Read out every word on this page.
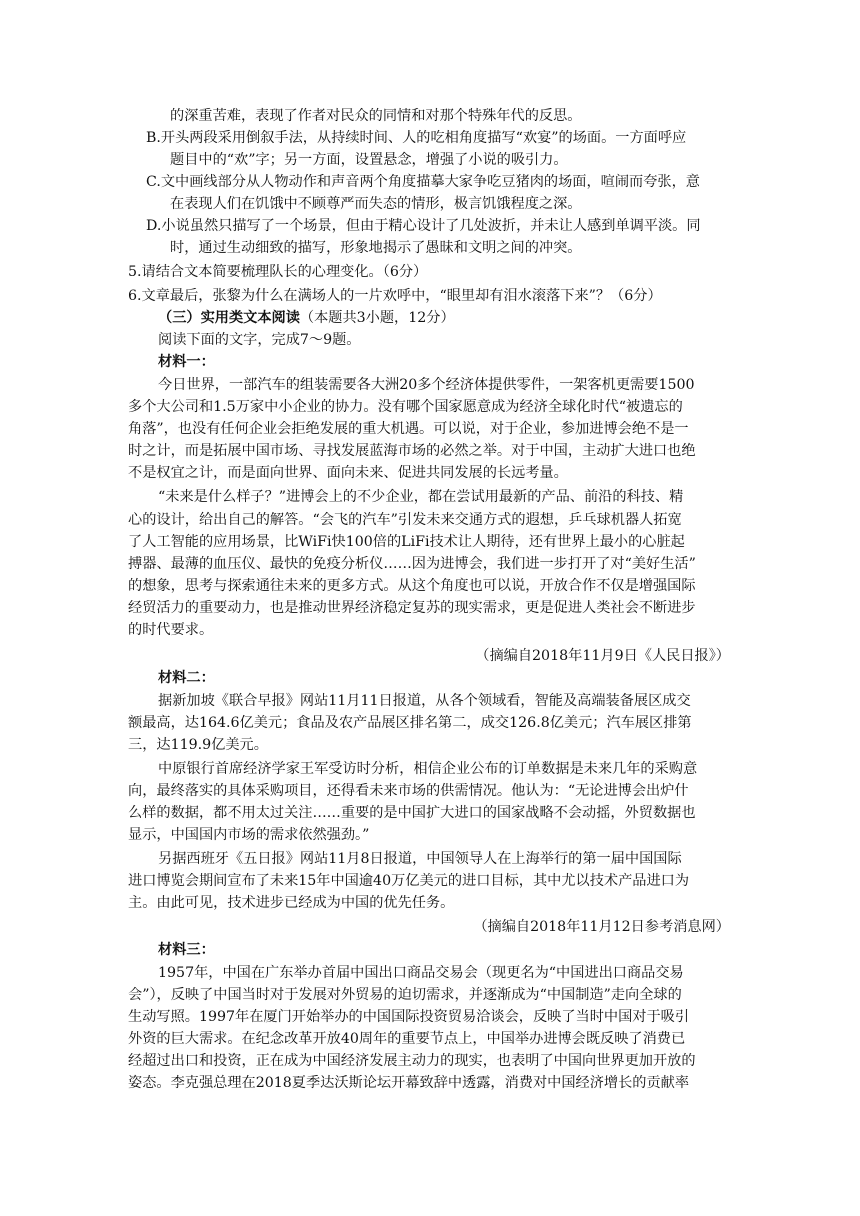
的深重苦难，表现了作者对民众的同情和对那个特殊年代的反思。
B.开头两段采用倒叙手法，从持续时间、人的吃相角度描写“欢宴”的场面。一方面呼应
题目中的“欢”字；另一方面，设置悬念，增强了小说的吸引力。
C.文中画线部分从人物动作和声音两个角度描摹大家争吃豆猪肉的场面，喧闹而夸张，意
在表现人们在饥饿中不顾尊严而失态的情形，极言饥饿程度之深。
D.小说虽然只描写了一个场景，但由于精心设计了几处波折，并未让人感到单调平淡。同
时，通过生动细致的描写，形象地揭示了愚昧和文明之间的冲突。
5.请结合文本简要梳理队长的心理变化。（6分）
6.文章最后，张黎为什么在满场人的一片欢呼中，“眼里却有泪水滚落下来”？（6分）
（三）实用类文本阅读（本题共3小题，12分）
阅读下面的文字，完成7～9题。
材料一：
今日世界，一部汽车的组装需要各大洲20多个经济体提供零件，一架客机更需要1500
多个大公司和1.5万家中小企业的协力。没有哪个国家愿意成为经济全球化时代“被遗忘的
角落”，也没有任何企业会拒绝发展的重大机遇。可以说，对于企业，参加进博会绝不是一
时之计，而是拓展中国市场、寻找发展蓝海市场的必然之举。对于中国，主动扩大进口也绝
不是权宜之计，而是面向世界、面向未来、促进共同发展的长远考量。
“未来是什么样子？”进博会上的不少企业，都在尝试用最新的产品、前沿的科技、精
心的设计，给出自己的解答。“会飞的汽车”引发未来交通方式的遐想，乒乓球机器人拓宽
了人工智能的应用场景，比WiFi快100倍的LiFi技术让人期待，还有世界上最小的心脏起
搏器、最薄的血压仪、最快的免疫分析仪……因为进博会，我们进一步打开了对“美好生活”
的想象，思考与探索通往未来的更多方式。从这个角度也可以说，开放合作不仅是增强国际
经贸活力的重要动力，也是推动世界经济稳定复苏的现实需求，更是促进人类社会不断进步
的时代要求。
（摘编自2018年11月9日《人民日报》）
材料二：
据新加坡《联合早报》网站11月11日报道，从各个领域看，智能及高端装备展区成交
额最高，达164.6亿美元；食品及农产品展区排名第二，成交126.8亿美元；汽车展区排第
三，达119.9亿美元。
中原银行首席经济学家王军受访时分析，相信企业公布的订单数据是未来几年的采购意
向，最终落实的具体采购项目，还得看未来市场的供需情况。他认为：“无论进博会出炉什
么样的数据，都不用太过关注……重要的是中国扩大进口的国家战略不会动摇，外贸数据也
显示，中国国内市场的需求依然强劲。”
另据西班牙《五日报》网站11月8日报道，中国领导人在上海举行的第一届中国国际
进口博览会期间宣布了未来15年中国逾40万亿美元的进口目标，其中尤以技术产品进口为
主。由此可见，技术进步已经成为中国的优先任务。
（摘编自2018年11月12日参考消息网）
材料三：
1957年，中国在广东举办首届中国出口商品交易会（现更名为“中国进出口商品交易
会”），反映了中国当时对于发展对外贸易的迫切需求，并逐渐成为“中国制造”走向全球的
生动写照。1997年在厦门开始举办的中国国际投资贸易洽谈会，反映了当时中国对于吸引
外资的巨大需求。在纪念改革开放40周年的重要节点上，中国举办进博会既反映了消费已
经超过出口和投资，正在成为中国经济发展主动力的现实，也表明了中国向世界更加开放的
姿态。李克强总理在2018夏季达沃斯论坛开幕致辞中透露，消费对中国经济增长的贡献率
